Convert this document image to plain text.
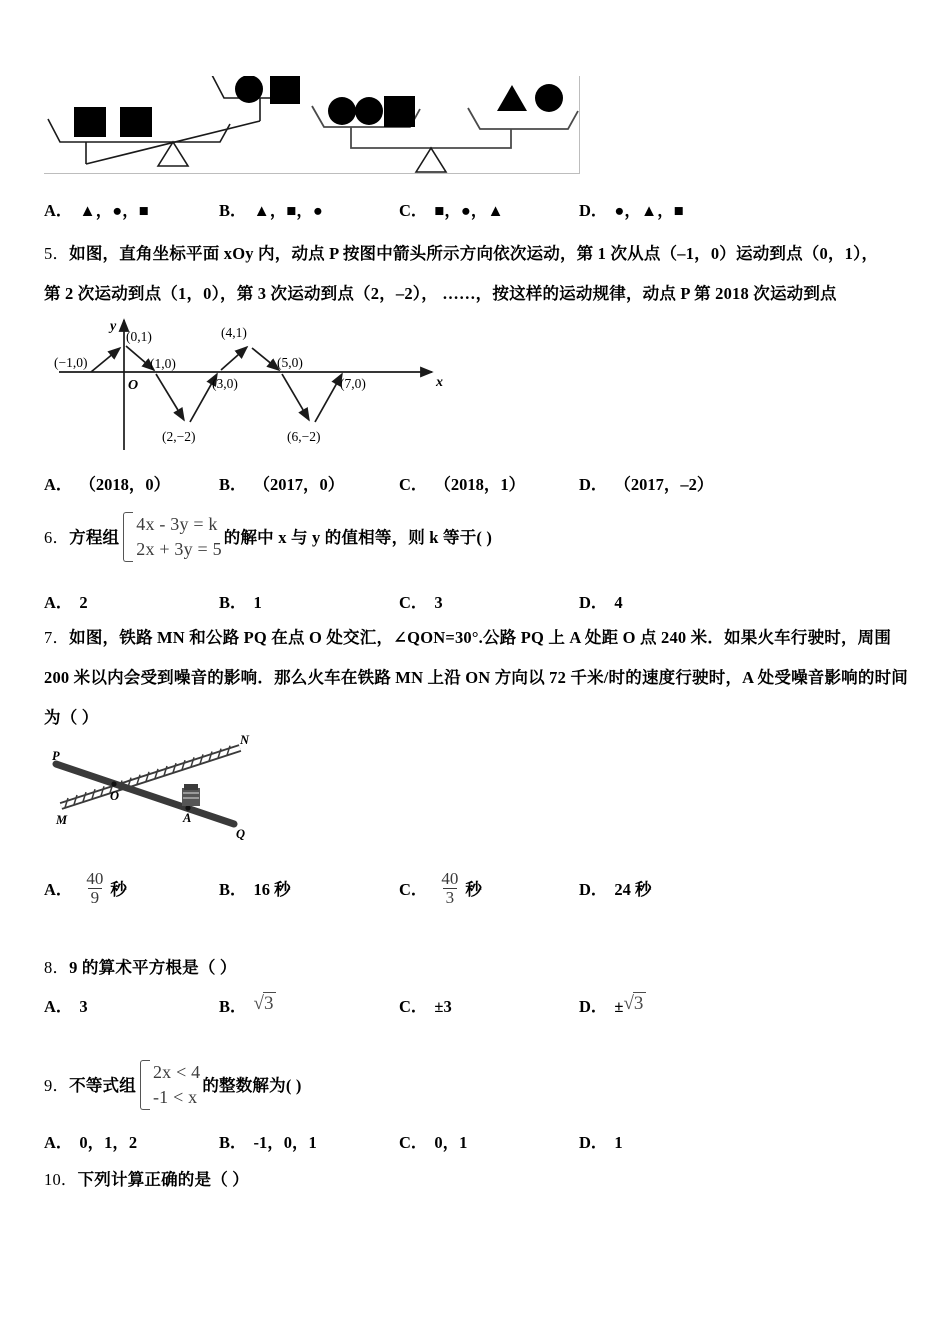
A． ▲，●，■	B． ▲，■，●	C． ■，●，▲	D． ●，▲，■
5．如图，直角坐标平面 xOy 内，动点 P 按图中箭头所示方向依次运动，第 1 次从点（–1，0）运动到点（0，1），
第 2 次运动到点（1，0），第 3 次运动到点（2，–2）， ……，按这样的运动规律，动点 P 第 2018 次运动到点
y
x
O
(−1,0)
(0,1)
(1,0)
(2,−2)
(3,0)
(4,1)
(5,0)
(6,−2)
(7,0)
A． （2018，0）	B． （2017，0）	C． （2018，1）	D． （2017，–2）
6．方程组
4x - 3y = k
2x + 3y = 5
的解中 x 与 y 的值相等，则 k 等于( )
A． 2	B． 1	C． 3	D． 4
7．如图，铁路 MN 和公路 PQ 在点 O 处交汇，∠QON=30°.公路 PQ 上 A 处距 O 点 240 米．如果火车行驶时，周围
200 米以内会受到噪音的影响．那么火车在铁路 MN 上沿 ON 方向以 72 千米/时的速度行驶时，A 处受噪音影响的时间
为（ ）
P
N
M
O
A
Q
A． $\frac{40}{9}$ 秒	B． 16 秒	C． $\frac{40}{3}$ 秒	D． 24 秒
8．9 的算术平方根是（ ）
A． 3	B． √3	C． ±3	D． ± √3
9．不等式组
2x < 4
-1 < x
的整数解为( )
A． 0，1，2	B． -1，0，1	C． 0，1	D． 1
10．下列计算正确的是（ ）
